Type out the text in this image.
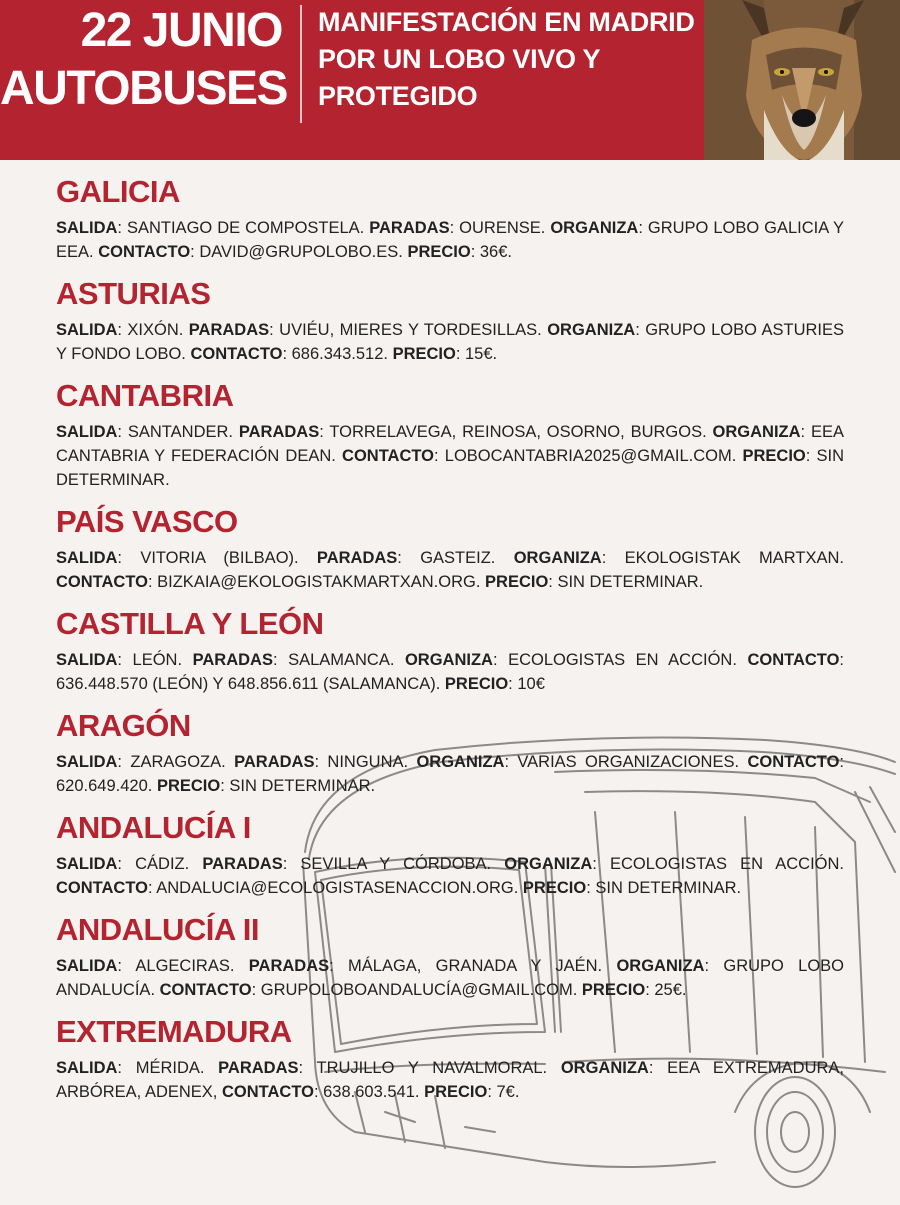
22 JUNIO
AUTOBUSES
MANIFESTACIÓN EN MADRID
POR UN LOBO VIVO Y
PROTEGIDO
GALICIA
SALIDA: SANTIAGO DE COMPOSTELA. PARADAS: OURENSE. ORGANIZA: GRUPO LOBO GALICIA Y EEA. CONTACTO: DAVID@GRUPOLOBO.ES. PRECIO: 36€.
ASTURIAS
SALIDA: XIXÓN. PARADAS: UVIÉU, MIERES Y TORDESILLAS. ORGANIZA: GRUPO LOBO ASTURIES Y FONDO LOBO. CONTACTO: 686.343.512. PRECIO: 15€.
CANTABRIA
SALIDA: SANTANDER. PARADAS: TORRELAVEGA, REINOSA, OSORNO, BURGOS. ORGANIZA: EEA CANTABRIA Y FEDERACIÓN DEAN. CONTACTO: LOBOCANTABRIA2025@GMAIL.COM. PRECIO: SIN DETERMINAR.
PAÍS VASCO
SALIDA: VITORIA (BILBAO). PARADAS: GASTEIZ. ORGANIZA: EKOLOGISTAK MARTXAN. CONTACTO: BIZKAIA@EKOLOGISTAKMARTXAN.ORG. PRECIO: SIN DETERMINAR.
CASTILLA Y LEÓN
SALIDA: LEÓN. PARADAS: SALAMANCA. ORGANIZA: ECOLOGISTAS EN ACCIÓN. CONTACTO: 636.448.570 (LEÓN) Y 648.856.611 (SALAMANCA). PRECIO: 10€
ARAGÓN
SALIDA: ZARAGOZA. PARADAS: NINGUNA. ORGANIZA: VARIAS ORGANIZACIONES. CONTACTO: 620.649.420. PRECIO: SIN DETERMINAR.
ANDALUCÍA I
SALIDA: CÁDIZ. PARADAS: SEVILLA Y CÓRDOBA. ORGANIZA: ECOLOGISTAS EN ACCIÓN. CONTACTO: ANDALUCIA@ECOLOGISTASENACCION.ORG. PRECIO: SIN DETERMINAR.
ANDALUCÍA II
SALIDA: ALGECIRAS. PARADAS: MÁLAGA, GRANADA Y JAÉN. ORGANIZA: GRUPO LOBO ANDALUCÍA. CONTACTO: GRUPOLOBOANDALUCÍA@GMAIL.COM. PRECIO: 25€.
EXTREMADURA
SALIDA: MÉRIDA. PARADAS: TRUJILLO Y NAVALMORAL. ORGANIZA: EEA EXTREMADURA, ARBÓREA, ADENEX, CONTACTO: 638.603.541. PRECIO: 7€.
